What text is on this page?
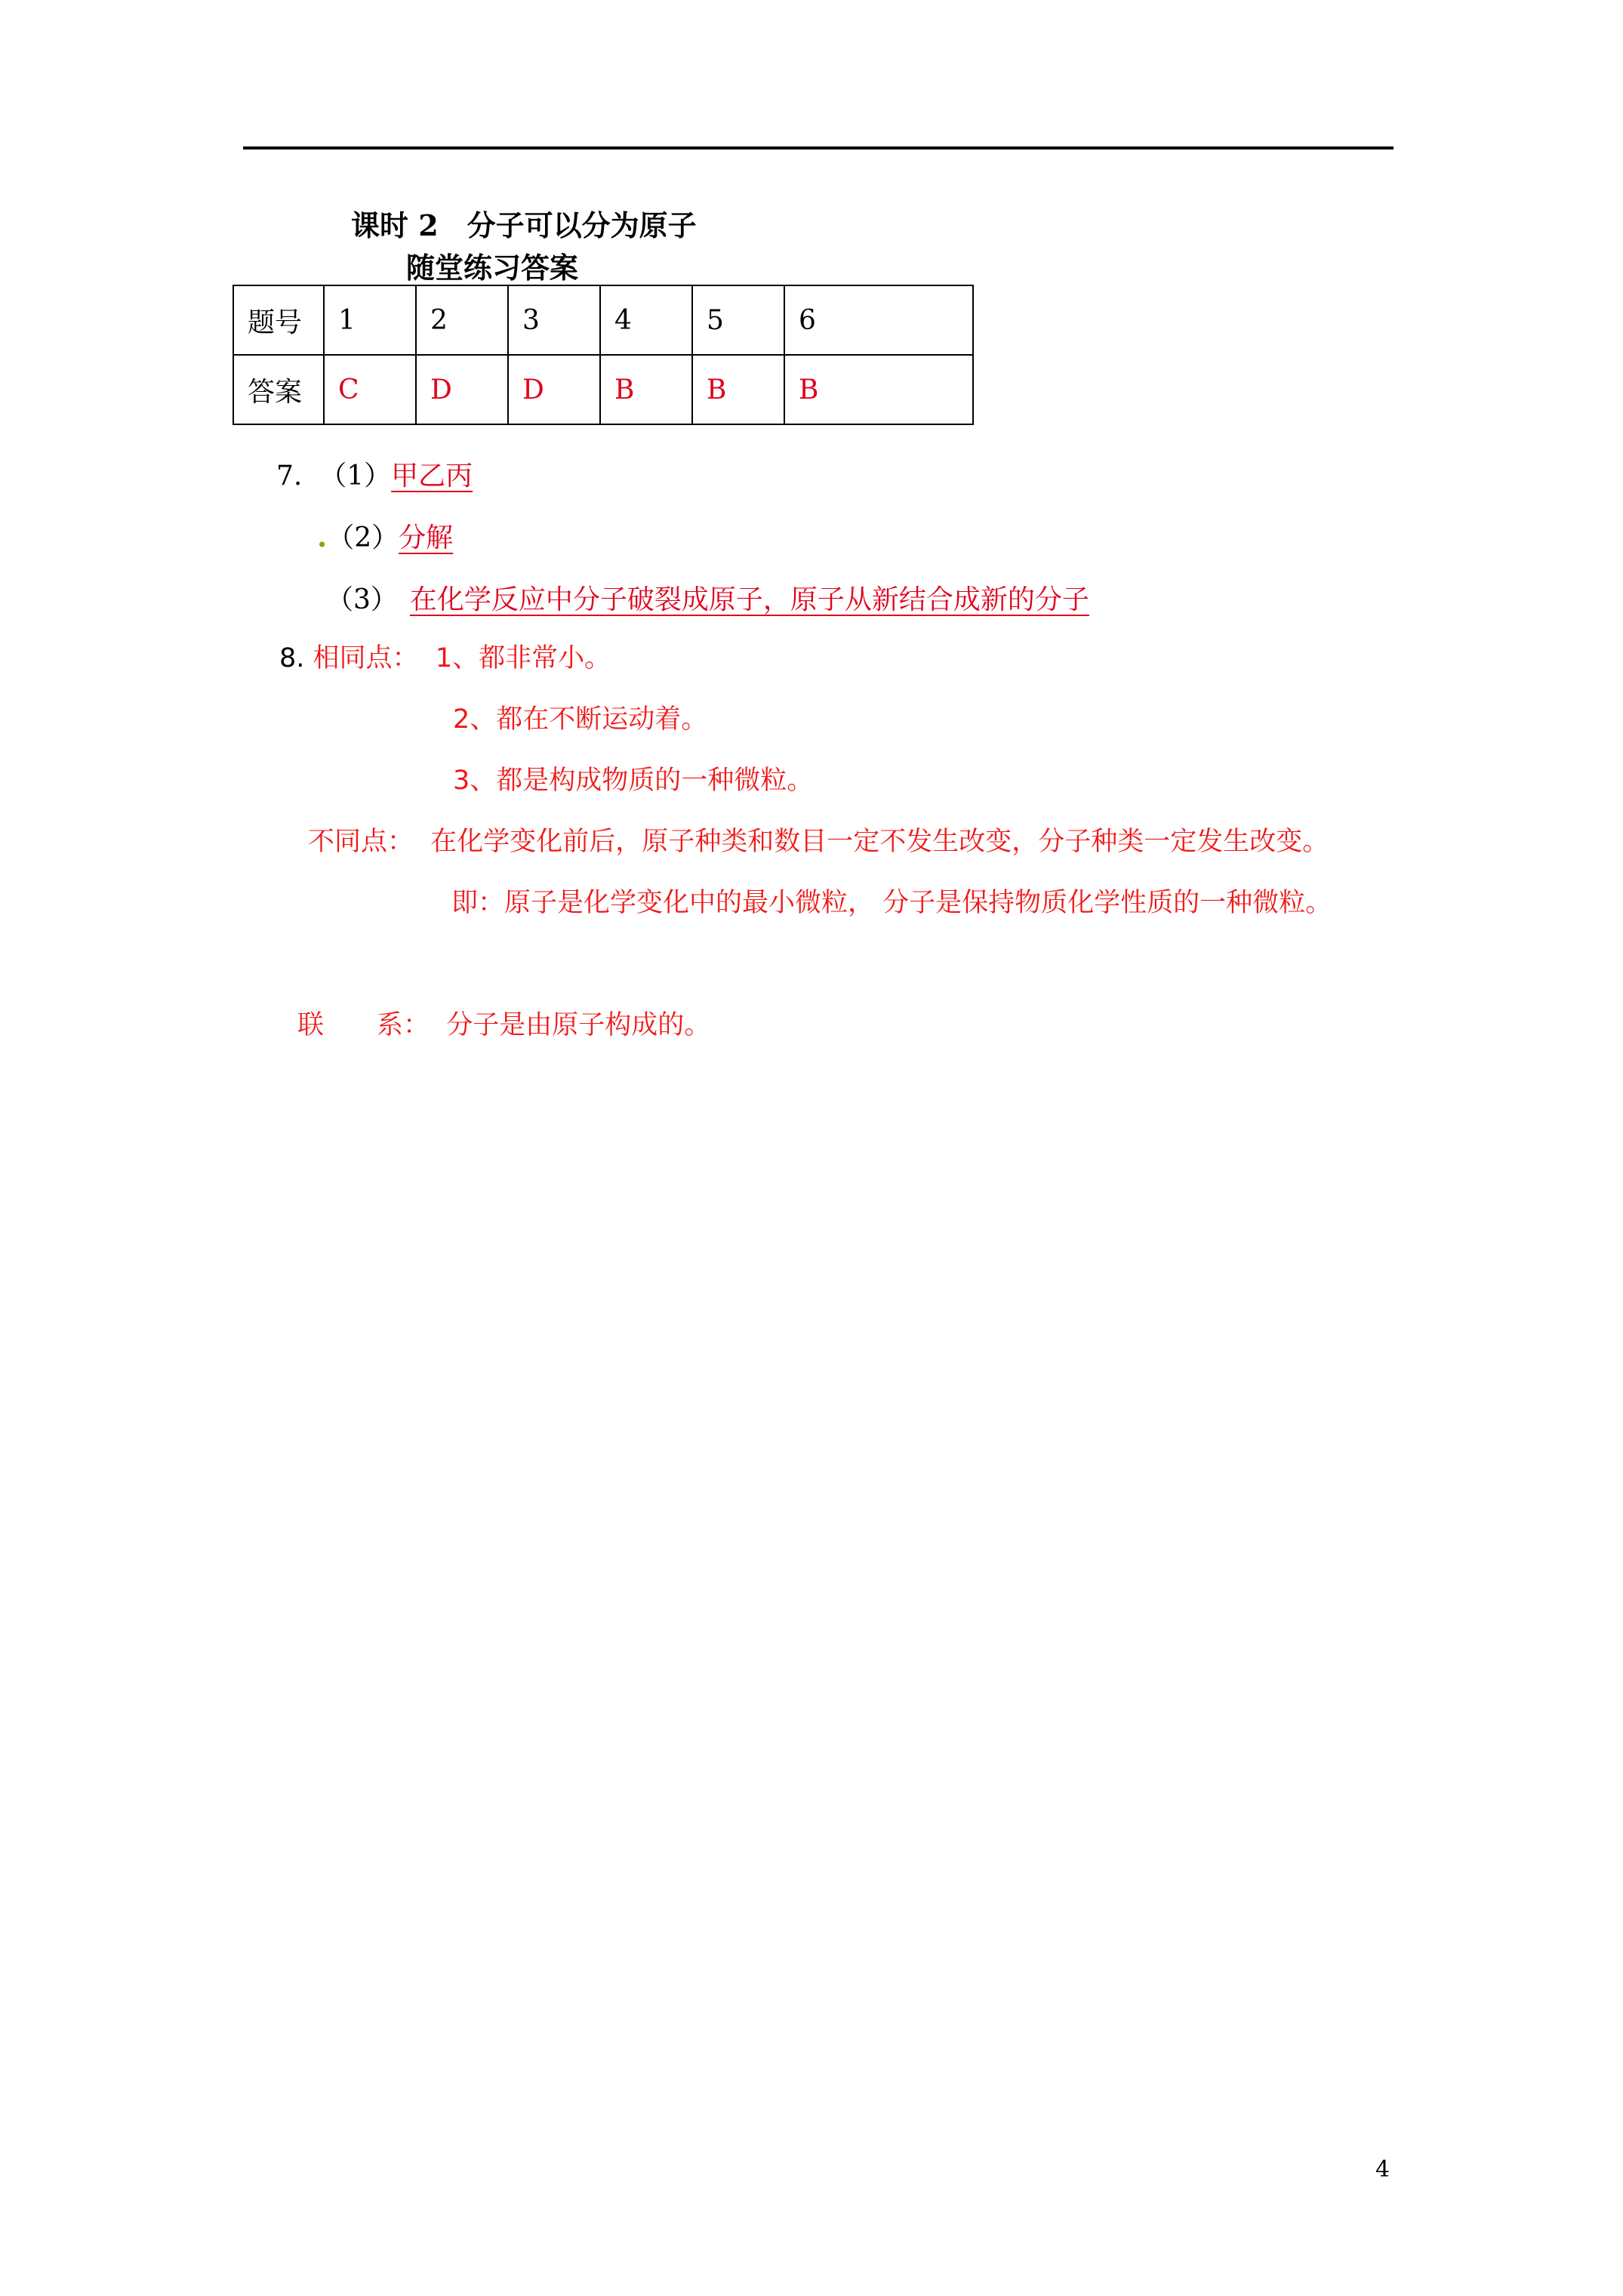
课时 2　分子可以分为原子
随堂练习答案
题号	1	2	3	4	5	6
答案	C	D	D	B	B	B
7. （1）甲乙丙
.（2）分解
（3） 在化学反应中分子破裂成原子，原子从新结合成新的分子
8. 相同点： 1、都非常小。
2、都在不断运动着。
3、都是构成物质的一种微粒。
不同点： 在化学变化前后，原子种类和数目一定不发生改变，分子种类一定发生改变。
即：原子是化学变化中的最小微粒， 分子是保持物质化学性质的一种微粒。
联　　系： 分子是由原子构成的。
4
